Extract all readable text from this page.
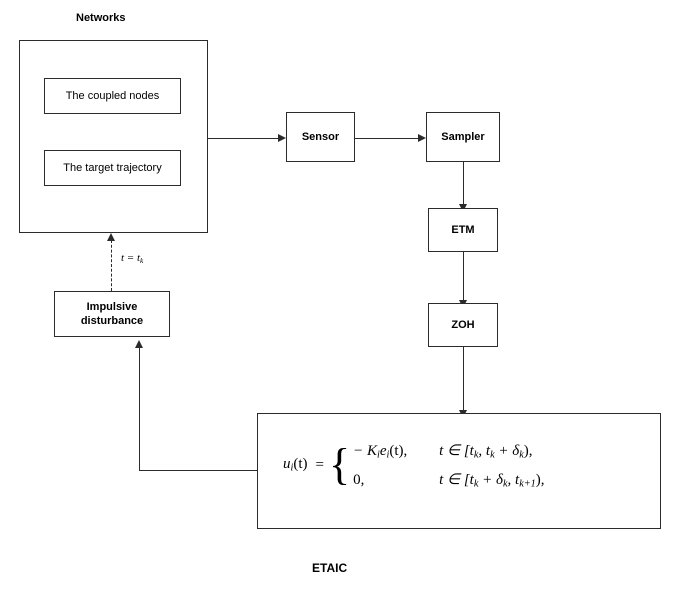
Networks
The coupled nodes
The target trajectory
Sensor	Sampler
ETM
ZOH
$u_i(t)$ = { − $K_ie_i(t)$,	t ∈ [$t_k$, $t_k + \delta_k$),
0,	t ∈ [$t_k + \delta_k$, $t_{k+1}$),
Impulsive
disturbance
$t = t_k$
ETAIC
